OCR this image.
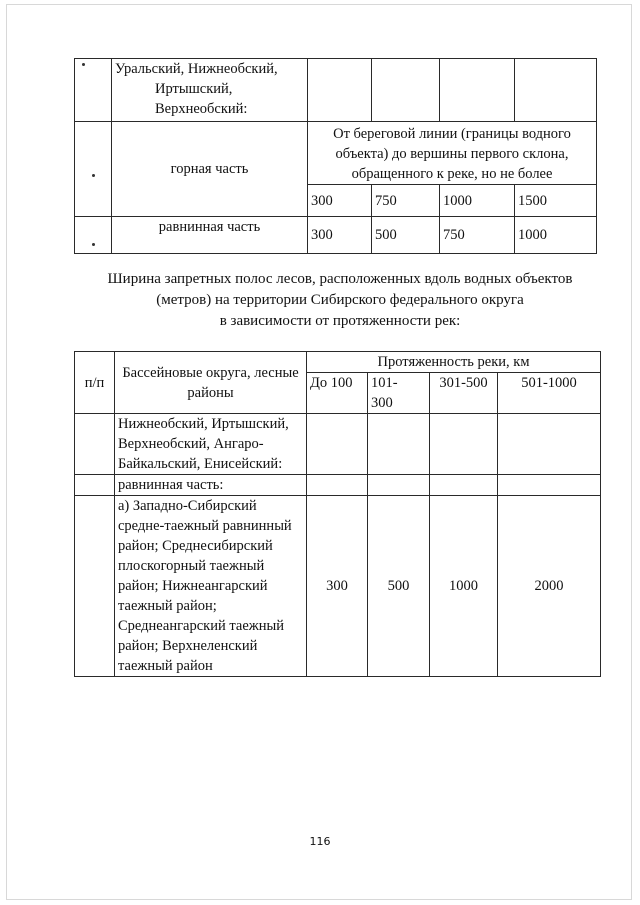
	Уральский, Нижнеобский, Иртышский, Верхнеобский:				

	горная часть	От береговой линии (границы водного объекта) до вершины первого склона, обращенного к реке, но не более			
		300	750	1000	1500

	равнинная часть	300	500	750	1000
Ширина запретных полос лесов, расположенных вдоль водных объектов
(метров) на территории Сибирского федерального округа
в зависимости от протяженности рек:
п/п	Бассейновые округа, лесные районы	Протяженность реки, км			
		До 100	101-300	301-500	501-1000
	Нижнеобский, Иртышский, Верхнеобский, Ангаро-Байкальский, Енисейский:				
	равнинная часть:				
	а) Западно-Сибирский средне-таежный равнинный район; Среднесибирский плоскогорный таежный район; Нижнеангарский таежный район; Среднеангарский таежный район; Верхнеленский таежный район	300	500	1000	2000
116
